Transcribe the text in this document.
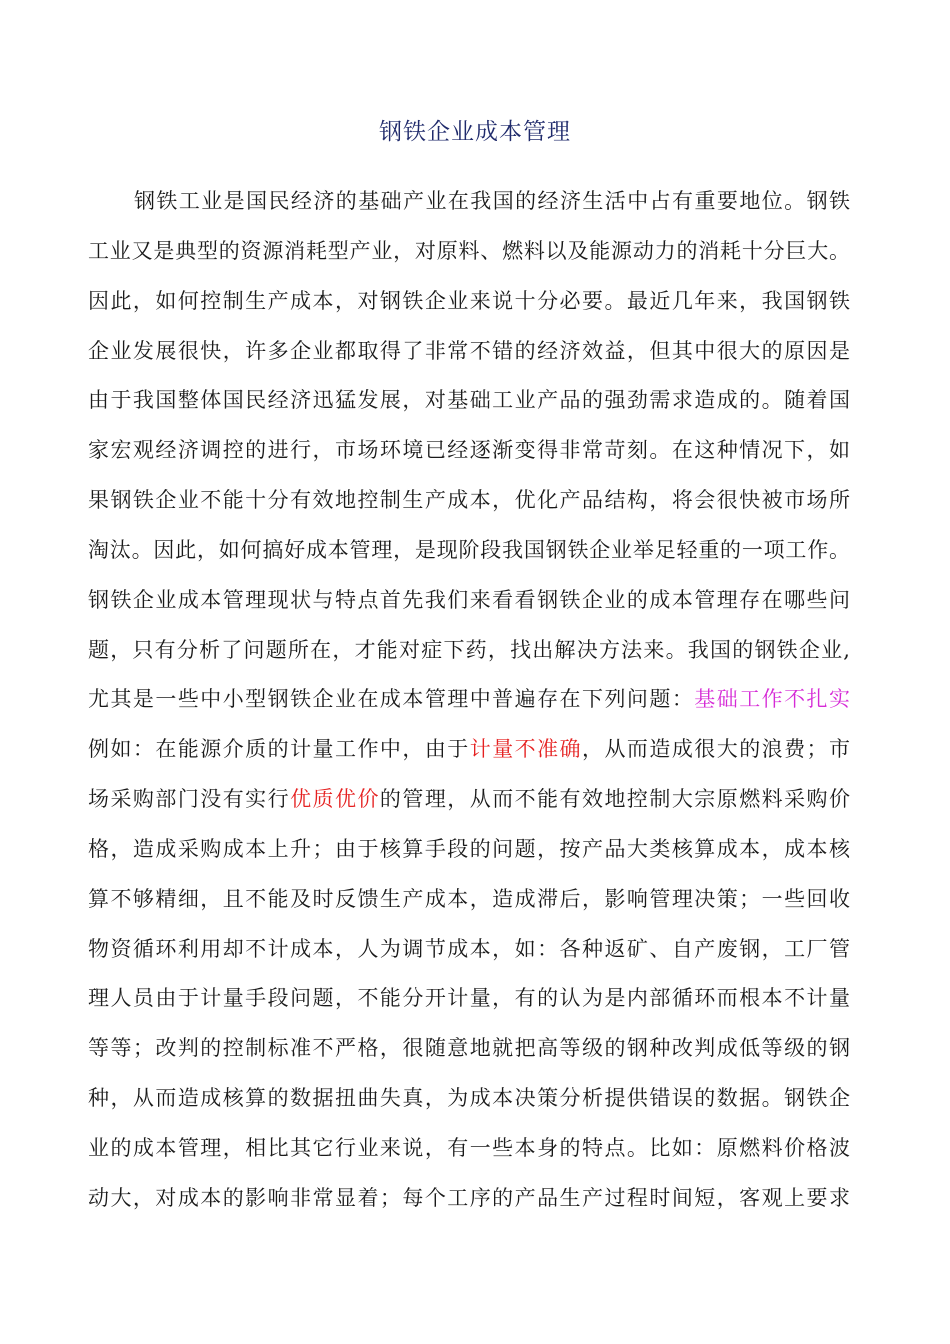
钢铁企业成本管理
钢铁工业是国民经济的基础产业在我国的经济生活中占有重要地位。钢铁
工业又是典型的资源消耗型产业，对原料、燃料以及能源动力的消耗十分巨大。
因此，如何控制生产成本，对钢铁企业来说十分必要。最近几年来，我国钢铁
企业发展很快，许多企业都取得了非常不错的经济效益，但其中很大的原因是
由于我国整体国民经济迅猛发展，对基础工业产品的强劲需求造成的。随着国
家宏观经济调控的进行，市场环境已经逐渐变得非常苛刻。在这种情况下，如
果钢铁企业不能十分有效地控制生产成本，优化产品结构，将会很快被市场所
淘汰。因此，如何搞好成本管理，是现阶段我国钢铁企业举足轻重的一项工作。
钢铁企业成本管理现状与特点首先我们来看看钢铁企业的成本管理存在哪些问
题，只有分析了问题所在，才能对症下药，找出解决方法来。我国的钢铁企业,
尤其是一些中小型钢铁企业在成本管理中普遍存在下列问题：基础工作不扎实
例如：在能源介质的计量工作中，由于计量不准确，从而造成很大的浪费；市
场采购部门没有实行优质优价的管理，从而不能有效地控制大宗原燃料采购价
格，造成采购成本上升；由于核算手段的问题，按产品大类核算成本，成本核
算不够精细，且不能及时反馈生产成本，造成滞后，影响管理决策；一些回收
物资循环利用却不计成本，人为调节成本，如：各种返矿、自产废钢，工厂管
理人员由于计量手段问题，不能分开计量，有的认为是内部循环而根本不计量
等等；改判的控制标准不严格，很随意地就把高等级的钢种改判成低等级的钢
种，从而造成核算的数据扭曲失真，为成本决策分析提供错误的数据。钢铁企
业的成本管理，相比其它行业来说，有一些本身的特点。比如：原燃料价格波
动大，对成本的影响非常显着；每个工序的产品生产过程时间短，客观上要求
